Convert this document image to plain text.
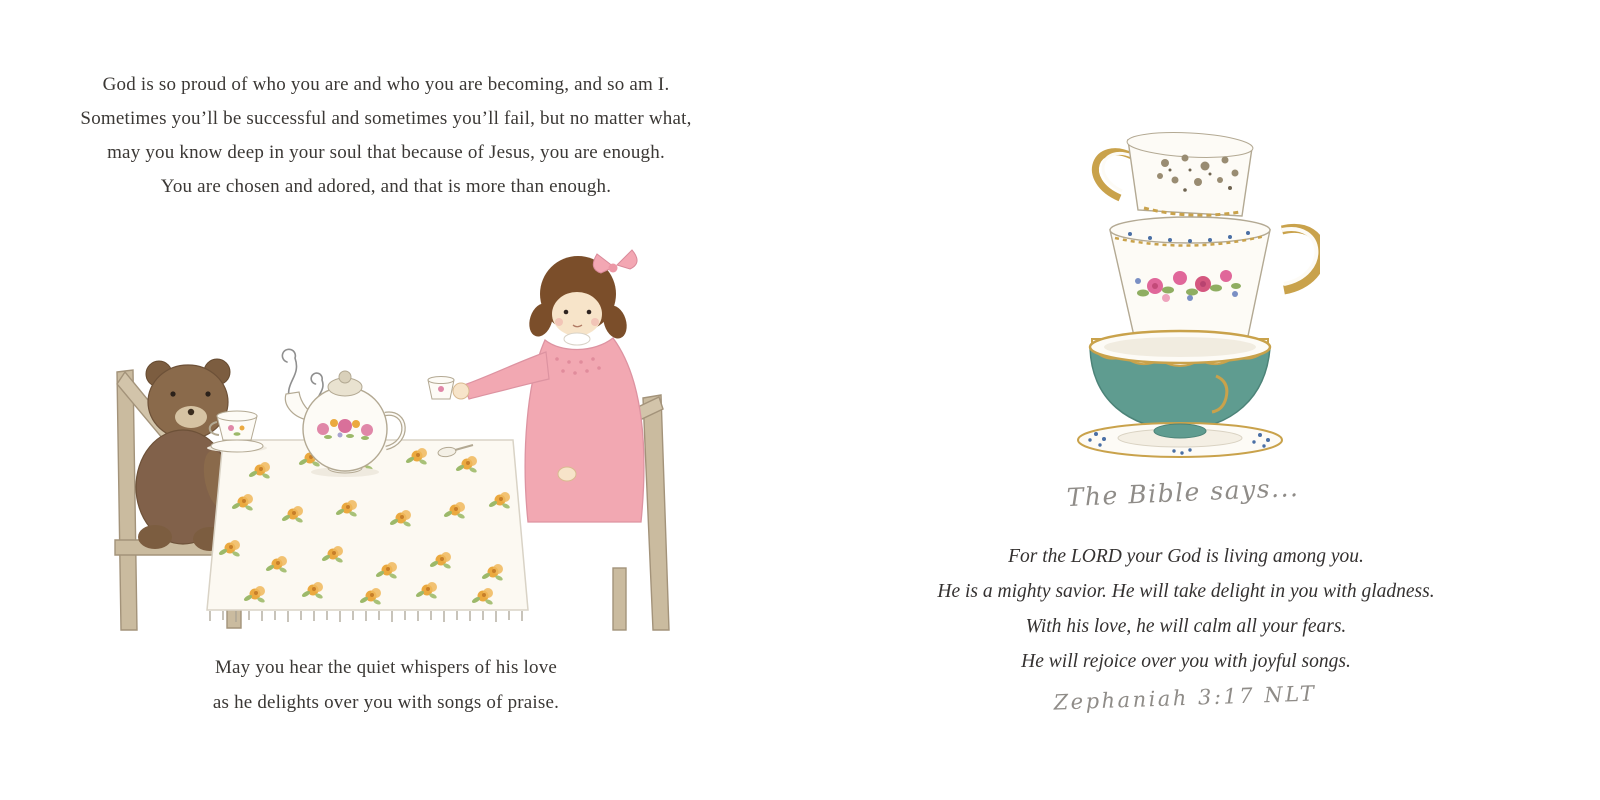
God is so proud of who you are and who you are becoming, and so am I.
Sometimes you’ll be successful and sometimes you’ll fail, but no matter what,
may you know deep in your soul that because of Jesus, you are enough.
You are chosen and adored, and that is more than enough.
May you hear the quiet whispers of his love
as he delights over you with songs of praise.
The Bible says...
For the LORD your God is living among you.
He is a mighty savior. He will take delight in you with gladness.
With his love, he will calm all your fears.
He will rejoice over you with joyful songs.
Zephaniah 3:17 NLT
